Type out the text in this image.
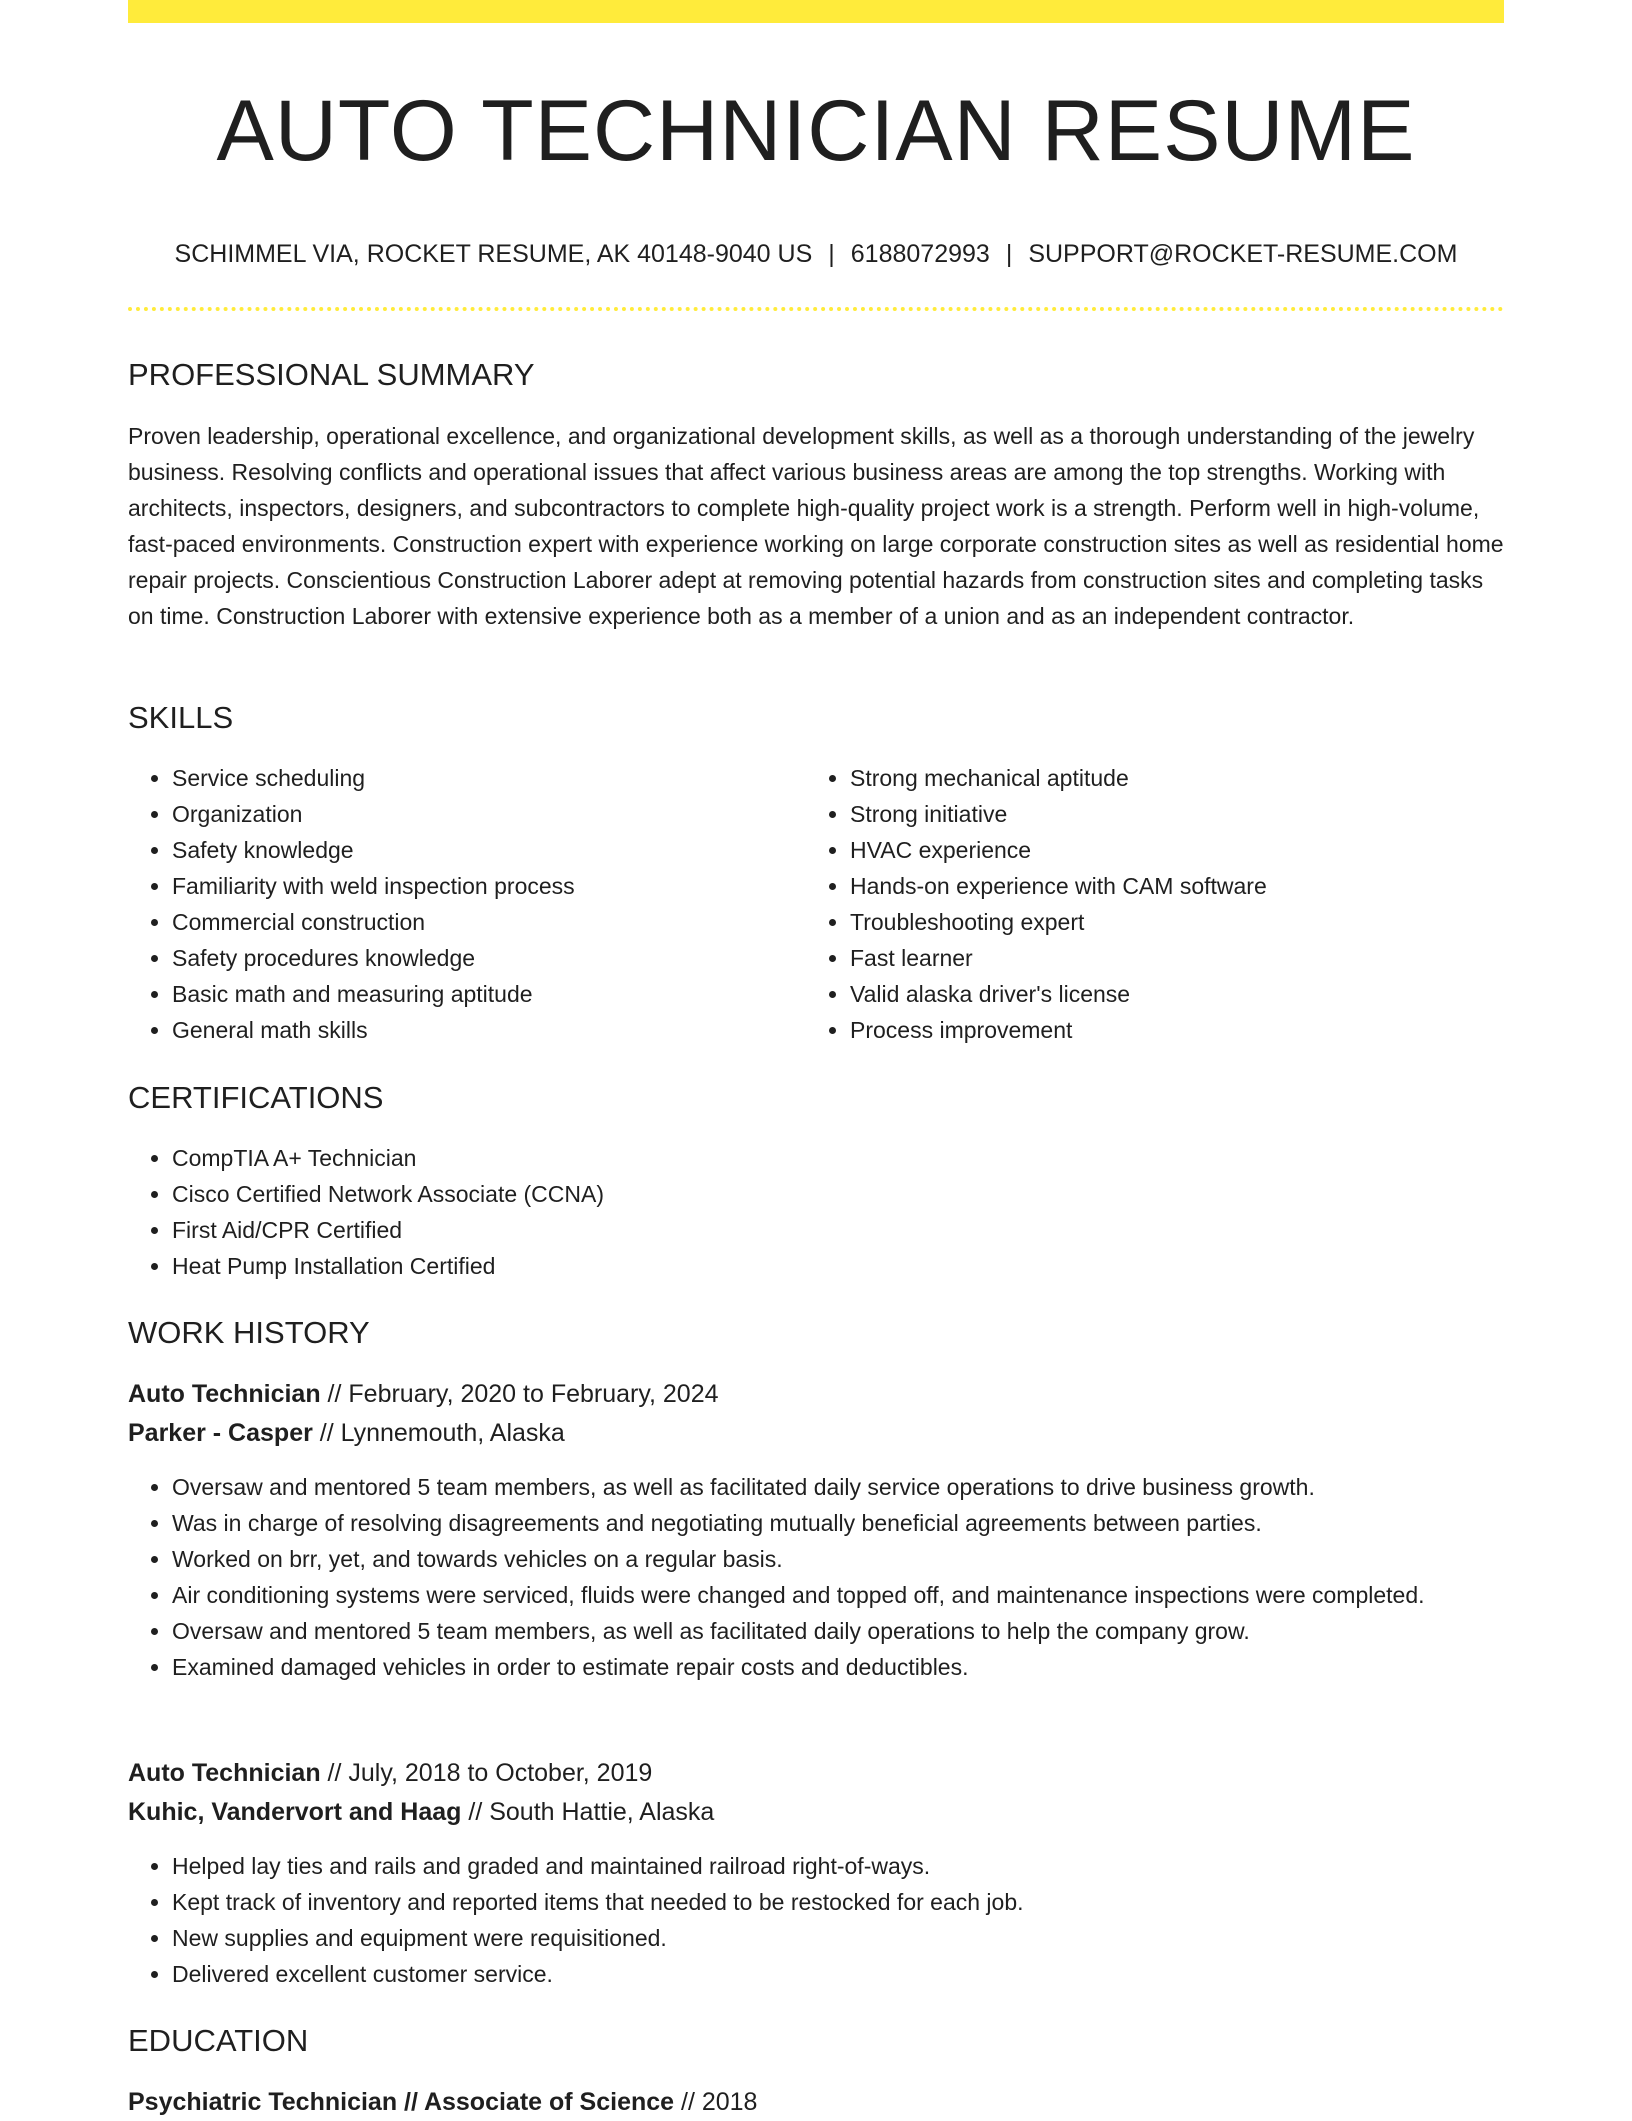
AUTO TECHNICIAN RESUME
SCHIMMEL VIA, ROCKET RESUME, AK 40148-9040 US | 6188072993 | SUPPORT@ROCKET-RESUME.COM
PROFESSIONAL SUMMARY

Proven leadership, operational excellence, and organizational development skills, as well as a thorough understanding of the jewelry business. Resolving conflicts and operational issues that affect various business areas are among the top strengths. Working with architects, inspectors, designers, and subcontractors to complete high-quality project work is a strength. Perform well in high-volume, fast-paced environments. Construction expert with experience working on large corporate construction sites as well as residential home repair projects. Conscientious Construction Laborer adept at removing potential hazards from construction sites and completing tasks on time. Construction Laborer with extensive experience both as a member of a union and as an independent contractor.

SKILLS
• Service scheduling
• Organization
• Safety knowledge
• Familiarity with weld inspection process
• Commercial construction
• Safety procedures knowledge
• Basic math and measuring aptitude
• General math skills
• Strong mechanical aptitude
• Strong initiative
• HVAC experience
• Hands-on experience with CAM software
• Troubleshooting expert
• Fast learner
• Valid alaska driver's license
• Process improvement
CERTIFICATIONS
• CompTIA A+ Technician
• Cisco Certified Network Associate (CCNA)
• First Aid/CPR Certified
• Heat Pump Installation Certified
WORK HISTORY
Auto Technician // February, 2020 to February, 2024
Parker - Casper // Lynnemouth, Alaska
• Oversaw and mentored 5 team members, as well as facilitated daily service operations to drive business growth.
• Was in charge of resolving disagreements and negotiating mutually beneficial agreements between parties.
• Worked on brr, yet, and towards vehicles on a regular basis.
• Air conditioning systems were serviced, fluids were changed and topped off, and maintenance inspections were completed.
• Oversaw and mentored 5 team members, as well as facilitated daily operations to help the company grow.
• Examined damaged vehicles in order to estimate repair costs and deductibles.
Auto Technician // July, 2018 to October, 2019
Kuhic, Vandervort and Haag // South Hattie, Alaska
• Helped lay ties and rails and graded and maintained railroad right-of-ways.
• Kept track of inventory and reported items that needed to be restocked for each job.
• New supplies and equipment were requisitioned.
• Delivered excellent customer service.
EDUCATION
Psychiatric Technician // Associate of Science // 2018
